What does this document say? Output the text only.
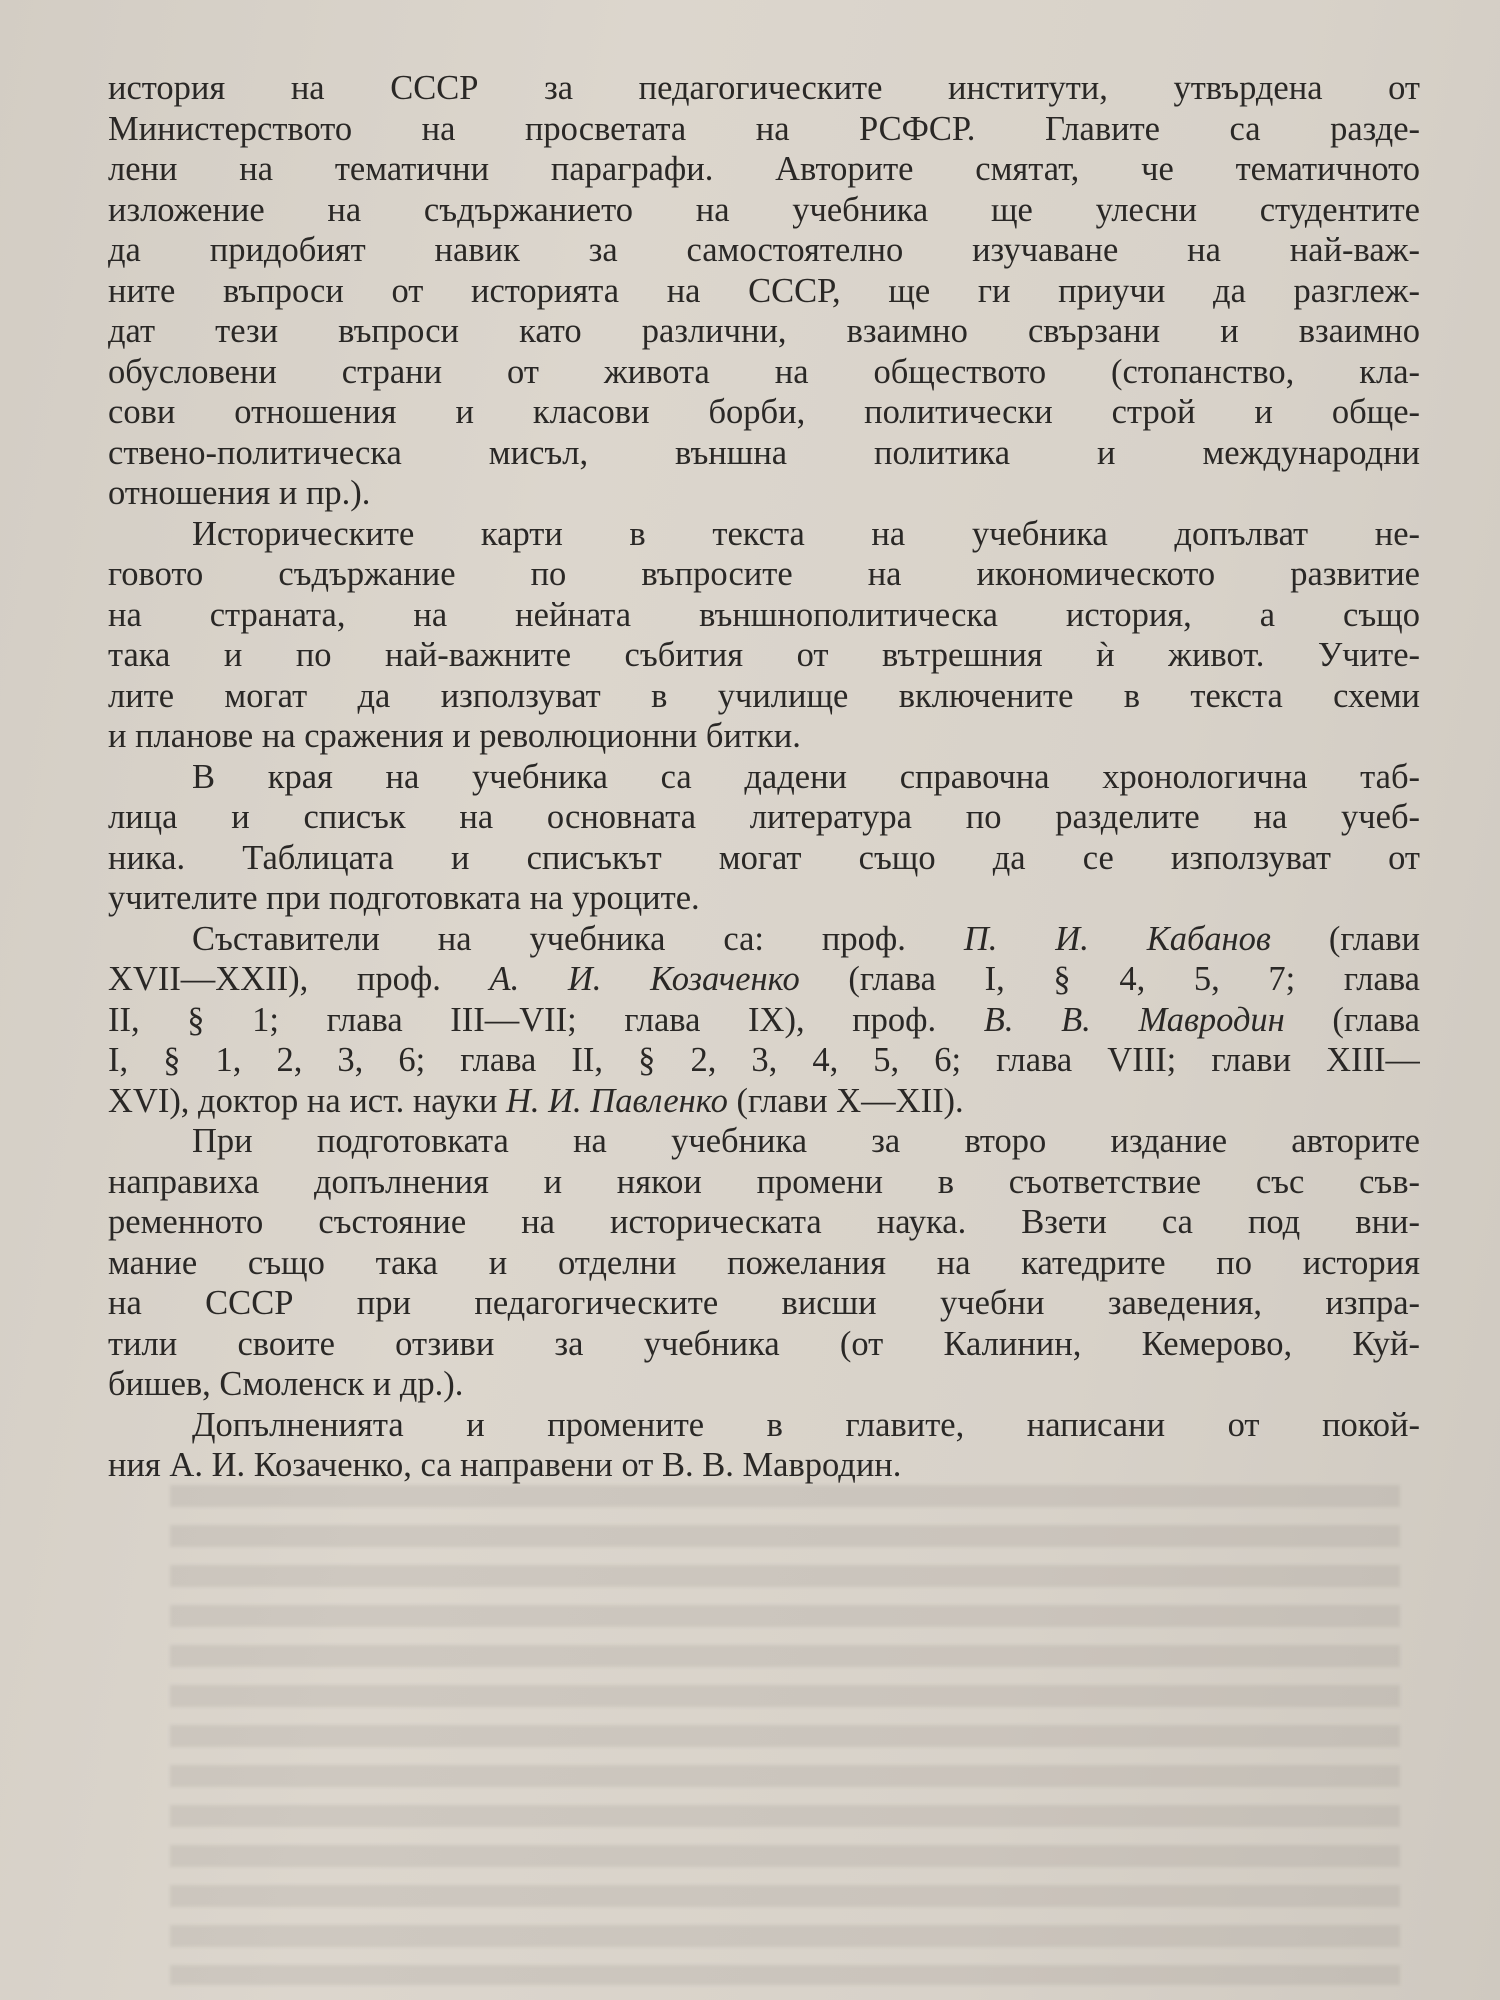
история на СССР за педагогическите институти, утвърдена от
Министерството на просветата на РСФСР. Главите са разде-
лени на тематични параграфи. Авторите смятат, че тематичното
изложение на съдържанието на учебника ще улесни студентите
да придобият навик за самостоятелно изучаване на най-важ-
ните въпроси от историята на СССР, ще ги приучи да разглеж-
дат тези въпроси като различни, взаимно свързани и взаимно
обусловени страни от живота на обществото (стопанство, кла-
сови отношения и класови борби, политически строй и обще-
ствено-политическа мисъл, външна политика и международни
отношения и пр.).
Историческите карти в текста на учебника допълват не-
говото съдържание по въпросите на икономическото развитие
на страната, на нейната външнополитическа история, а също
така и по най-важните събития от вътрешния ѝ живот. Учите-
лите могат да използуват в училище включените в текста схеми
и планове на сражения и революционни битки.
В края на учебника са дадени справочна хронологична таб-
лица и списък на основната литература по разделите на учеб-
ника. Таблицата и списъкът могат също да се използуват от
учителите при подготовката на уроците.
Съставители на учебника са: проф. П. И. Кабанов (глави
XVII—XXII), проф. А. И. Козаченко (глава I, § 4, 5, 7; глава
II, § 1; глава III—VII; глава IX), проф. В. В. Мавродин (глава
I, § 1, 2, 3, 6; глава II, § 2, 3, 4, 5, 6; глава VIII; глави XIII—
XVI), доктор на ист. науки Н. И. Павленко (глави X—XII).
При подготовката на учебника за второ издание авторите
направиха допълнения и някои промени в съответствие със съв-
ременното състояние на историческата наука. Взети са под вни-
мание също така и отделни пожелания на катедрите по история
на СССР при педагогическите висши учебни заведения, изпра-
тили своите отзиви за учебника (от Калинин, Кемерово, Куй-
бишев, Смоленск и др.).
Допълненията и промените в главите, написани от покой-
ния А. И. Козаченко, са направени от В. В. Мавродин.
